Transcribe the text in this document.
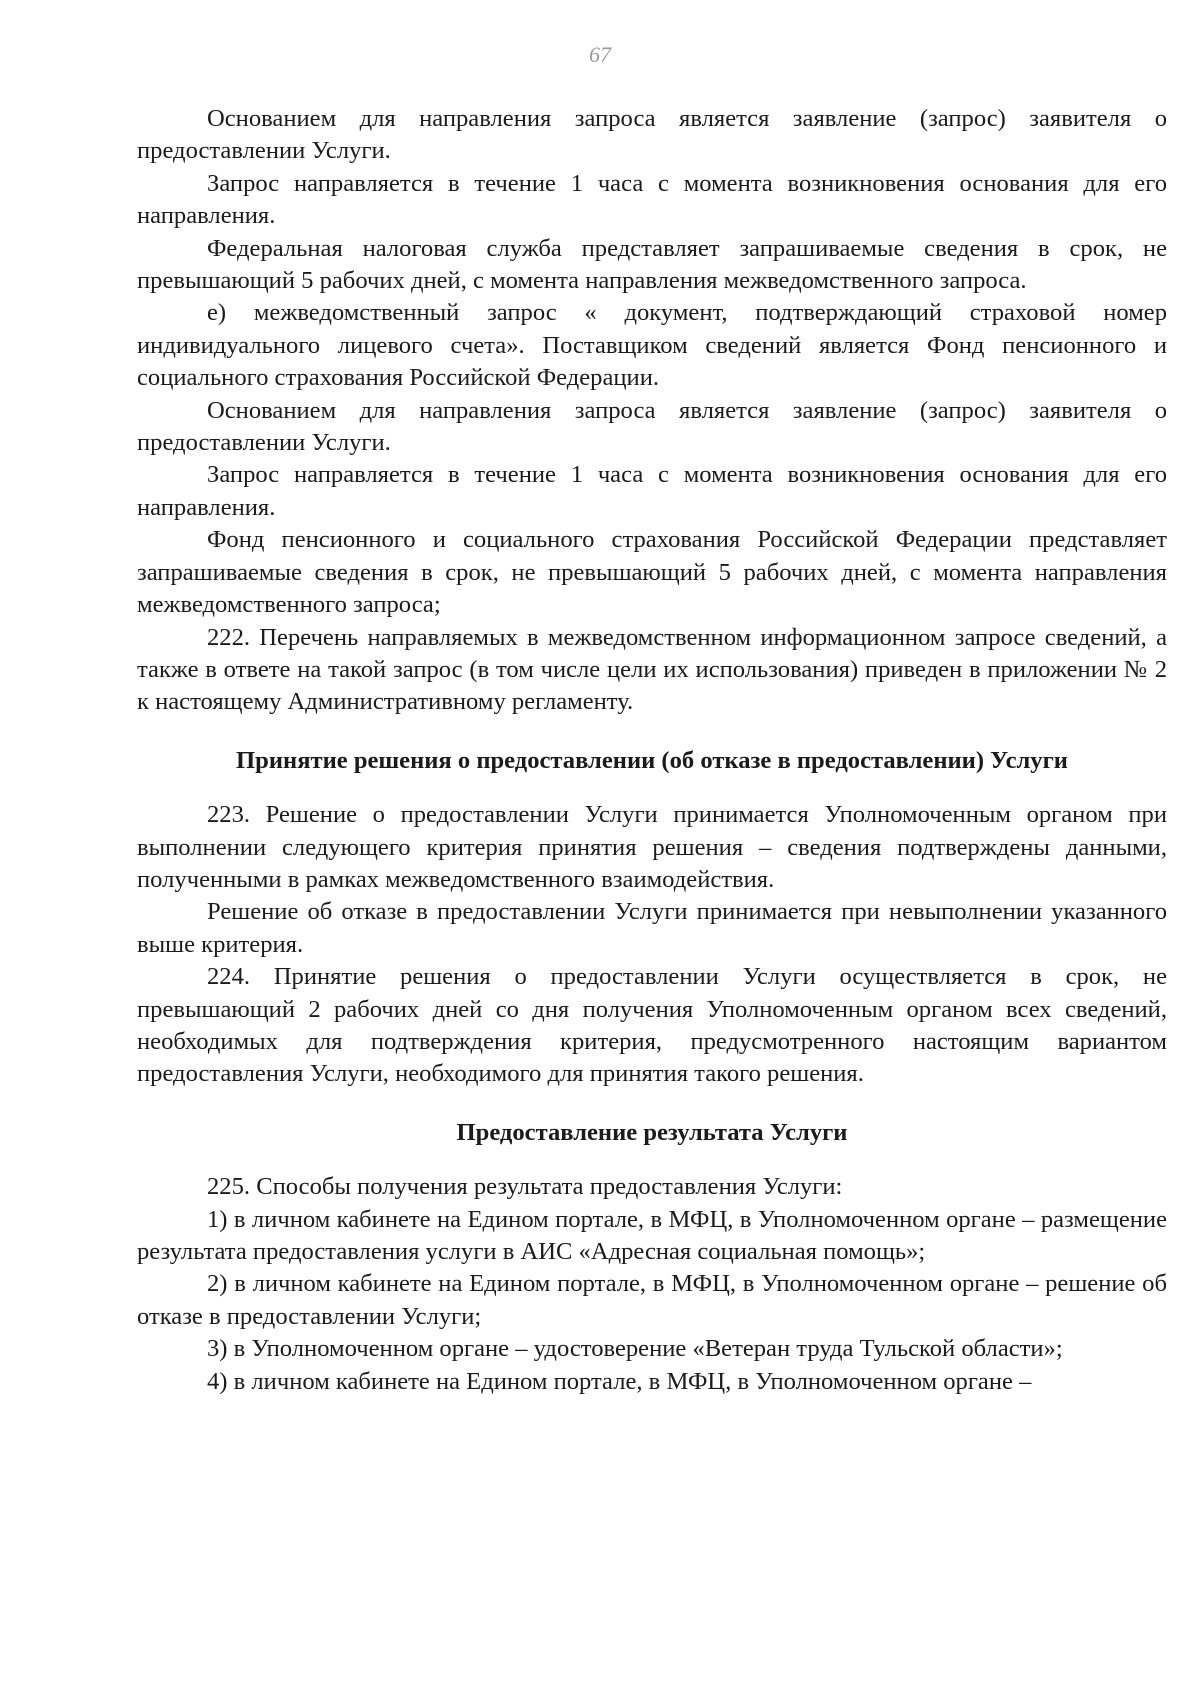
67

Основанием для направления запроса является заявление (запрос) заявителя о предоставлении Услуги.

Запрос направляется в течение 1 часа с момента возникновения основания для его направления.

Федеральная налоговая служба представляет запрашиваемые сведения в срок, не превышающий 5 рабочих дней, с момента направления межведомственного запроса.

е) межведомственный запрос « документ, подтверждающий страховой номер индивидуального лицевого счета». Поставщиком сведений является Фонд пенсионного и социального страхования Российской Федерации.

Основанием для направления запроса является заявление (запрос) заявителя о предоставлении Услуги.

Запрос направляется в течение 1 часа с момента возникновения основания для его направления.

Фонд пенсионного и социального страхования Российской Федерации представляет запрашиваемые сведения в срок, не превышающий 5 рабочих дней, с момента направления межведомственного запроса;

222. Перечень направляемых в межведомственном информационном запросе сведений, а также в ответе на такой запрос (в том числе цели их использования) приведен в приложении № 2 к настоящему Административному регламенту.

Принятие решения о предоставлении (об отказе в предоставлении) Услуги

223. Решение о предоставлении Услуги принимается Уполномоченным органом при выполнении следующего критерия принятия решения – сведения подтверждены данными, полученными в рамках межведомственного взаимодействия.

Решение об отказе в предоставлении Услуги принимается при невыполнении указанного выше критерия.

224. Принятие решения о предоставлении Услуги осуществляется в срок, не превышающий 2 рабочих дней со дня получения Уполномоченным органом всех сведений, необходимых для подтверждения критерия, предусмотренного настоящим вариантом предоставления Услуги, необходимого для принятия такого решения.

Предоставление результата Услуги

225. Способы получения результата предоставления Услуги:

1) в личном кабинете на Едином портале, в МФЦ, в Уполномоченном органе – размещение результата предоставления услуги в АИС «Адресная социальная помощь»;

2) в личном кабинете на Едином портале, в МФЦ, в Уполномоченном органе – решение об отказе в предоставлении Услуги;

3) в Уполномоченном органе – удостоверение «Ветеран труда Тульской области»;

4) в личном кабинете на Едином портале, в МФЦ, в Уполномоченном органе –
